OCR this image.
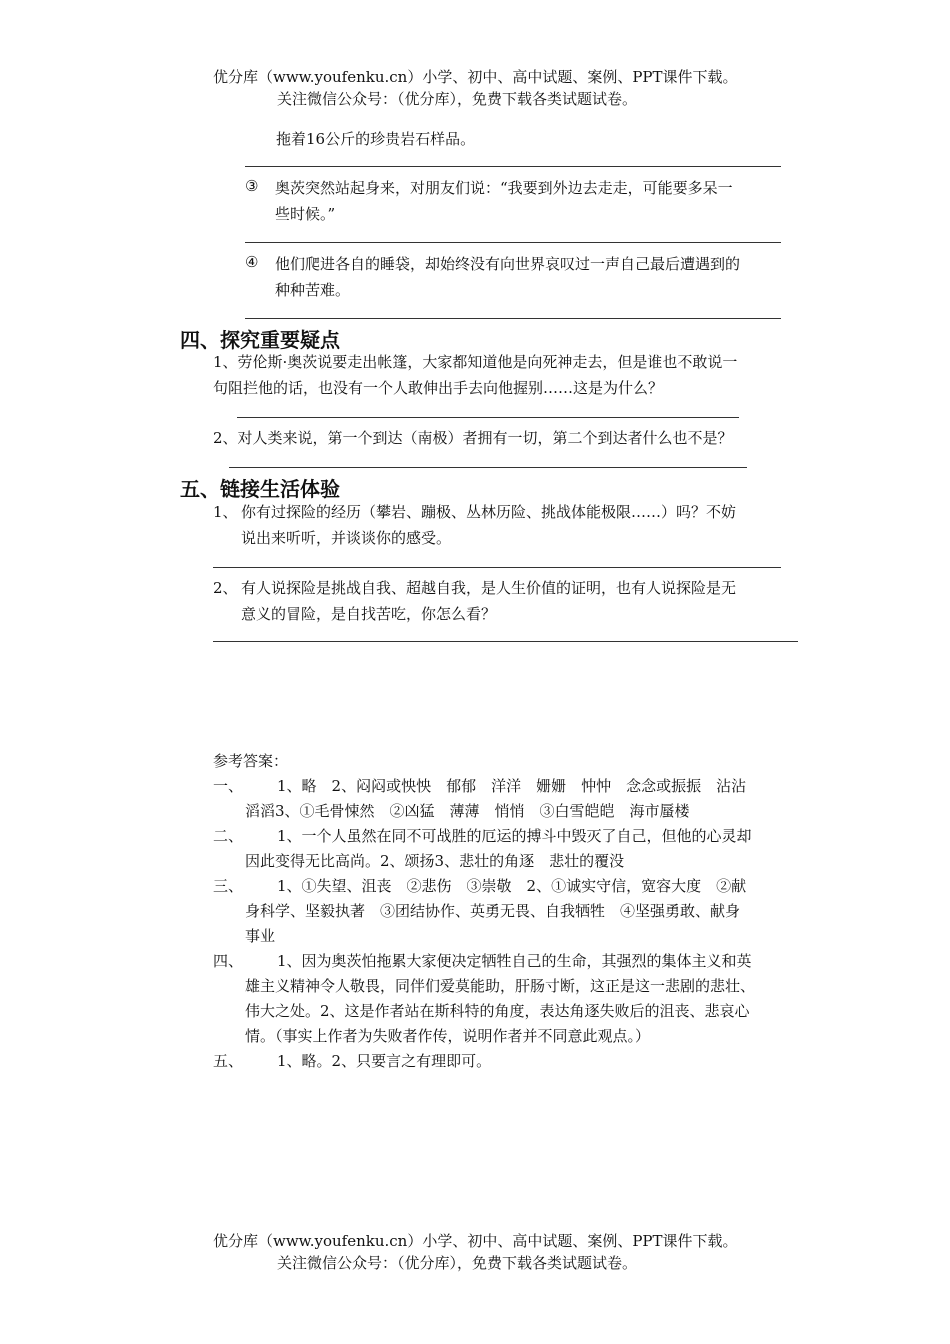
优分库（www.youfenku.cn）小学、初中、高中试题、案例、PPT课件下载。
关注微信公众号：（优分库），免费下载各类试题试卷。
拖着16公斤的珍贵岩石样品。
③ 奥茨突然站起身来，对朋友们说：“我要到外边去走走，可能要多呆一
些时候。”
④ 他们爬进各自的睡袋，却始终没有向世界哀叹过一声自己最后遭遇到的
种种苦难。
四、探究重要疑点
1、劳伦斯·奥茨说要走出帐篷，大家都知道他是向死神走去，但是谁也不敢说一
句阻拦他的话，也没有一个人敢伸出手去向他握别……这是为什么？
2、对人类来说，第一个到达（南极）者拥有一切，第二个到达者什么也不是？
五、链接生活体验
1、 你有过探险的经历（攀岩、蹦极、丛林历险、挑战体能极限……）吗？不妨
说出来听听，并谈谈你的感受。
2、 有人说探险是挑战自我、超越自我，是人生价值的证明，也有人说探险是无
意义的冒险，是自找苦吃，你怎么看？
参考答案：
一、 1、略　2、闷闷或怏怏　郁郁　洋洋　姗姗　忡忡　念念或振振　沾沾
滔滔3、①毛骨悚然　②凶猛　薄薄　悄悄　③白雪皑皑　海市蜃楼
二、 1、一个人虽然在同不可战胜的厄运的搏斗中毁灭了自己，但他的心灵却
因此变得无比高尚。2、颂扬3、悲壮的角逐　悲壮的覆没
三、 1、①失望、沮丧　②悲伤　③崇敬　2、①诚实守信，宽容大度　②献
身科学、坚毅执著　③团结协作、英勇无畏、自我牺牲　④坚强勇敢、献身
事业
四、 1、因为奥茨怕拖累大家便决定牺牲自己的生命，其强烈的集体主义和英
雄主义精神令人敬畏，同伴们爱莫能助，肝肠寸断，这正是这一悲剧的悲壮、
伟大之处。2、这是作者站在斯科特的角度，表达角逐失败后的沮丧、悲哀心
情。（事实上作者为失败者作传，说明作者并不同意此观点。）
五、 1、略。2、只要言之有理即可。
优分库（www.youfenku.cn）小学、初中、高中试题、案例、PPT课件下载。
关注微信公众号：（优分库），免费下载各类试题试卷。
